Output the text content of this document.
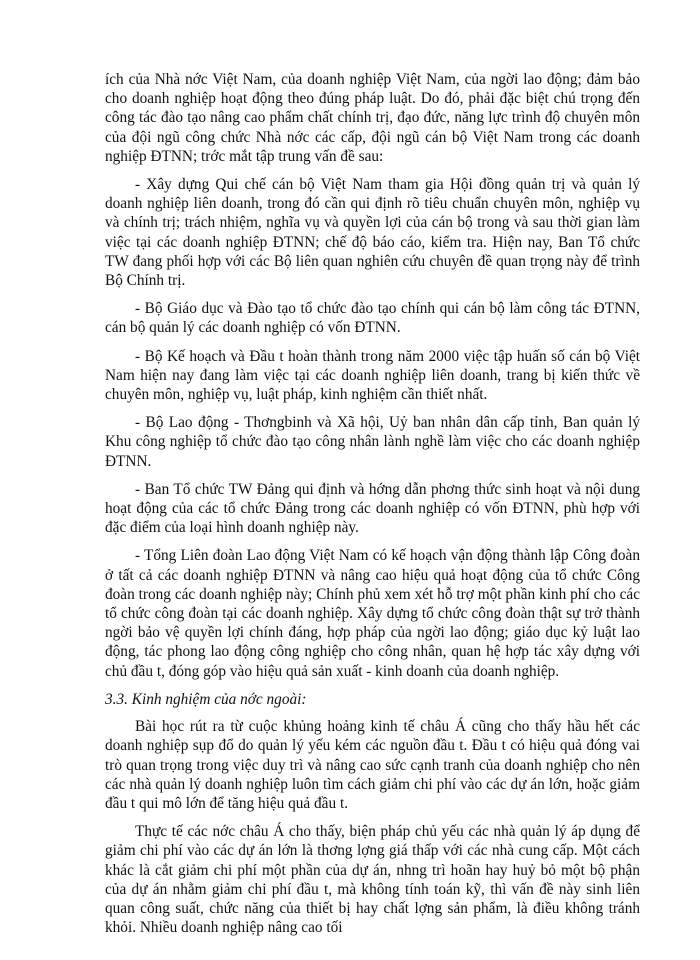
ích của Nhà nớc Việt Nam, của doanh nghiệp Việt Nam, của ngời lao động; đảm bảo cho doanh nghiệp hoạt động theo đúng pháp luật. Do đó, phải đặc biệt chú trọng đến công tác đào tạo nâng cao phẩm chất chính trị, đạo đức, năng lực trình độ chuyên môn của đội ngũ công chức Nhà nớc các cấp, đội ngũ cán bộ Việt Nam trong các doanh nghiệp ĐTNN; trớc mắt tập trung vấn đề sau:

- Xây dựng Qui chế cán bộ Việt Nam tham gia Hội đồng quản trị và quản lý doanh nghiệp liên doanh, trong đó cần qui định rõ tiêu chuẩn chuyên môn, nghiệp vụ và chính trị; trách nhiệm, nghĩa vụ và quyền lợi của cán bộ trong và sau thời gian làm việc tại các doanh nghiệp ĐTNN; chế độ báo cáo, kiểm tra. Hiện nay, Ban Tổ chức TW đang phối hợp với các Bộ liên quan nghiên cứu chuyên đề quan trọng này để trình Bộ Chính trị.

- Bộ Giáo dục và Đào tạo tổ chức đào tạo chính qui cán bộ làm công tác ĐTNN, cán bộ quản lý các doanh nghiệp có vốn ĐTNN.

- Bộ Kế hoạch và Đầu t hoàn thành trong năm 2000 việc tập huấn số cán bộ Việt Nam hiện nay đang làm việc tại các doanh nghiệp liên doanh, trang bị kiến thức về chuyên môn, nghiệp vụ, luật pháp, kinh nghiệm cần thiết nhất.

- Bộ Lao động - Thơngbinh và Xã hội, Uỷ ban nhân dân cấp tỉnh, Ban quản lý Khu công nghiệp tổ chức đào tạo công nhân lành nghề làm việc cho các doanh nghiệp ĐTNN.

- Ban Tổ chức TW Đảng qui định và hớng dẫn phơng thức sinh hoạt và nội dung hoạt động của các tổ chức Đảng trong các doanh nghiệp có vốn ĐTNN, phù hợp với đặc điểm của loại hình doanh nghiệp này.

- Tổng Liên đoàn Lao động Việt Nam có kế hoạch vận động thành lập Công đoàn ở tất cả các doanh nghiệp ĐTNN và nâng cao hiệu quả hoạt động của tổ chức Công đoàn trong các doanh nghiệp này; Chính phủ xem xét hỗ trợ một phần kinh phí cho các tổ chức công đoàn tại các doanh nghiệp. Xây dựng tổ chức công đoàn thật sự trở thành ngời bảo vệ quyền lợi chính đáng, hợp pháp của ngời lao động; giáo dục kỷ luật lao động, tác phong lao động công nghiệp cho công nhân, quan hệ hợp tác xây dựng với chủ đầu t, đóng góp vào hiệu quả sản xuất - kinh doanh của doanh nghiệp.

3.3. Kinh nghiệm của nớc ngoài:

Bài học rút ra từ cuộc khủng hoảng kinh tế châu Á cũng cho thấy hầu hết các doanh nghiệp sụp đổ do quản lý yếu kém các nguồn đầu t. Đầu t có hiệu quả đóng vai trò quan trọng trong việc duy trì và nâng cao sức cạnh tranh của doanh nghiệp cho nên các nhà quản lý doanh nghiệp luôn tìm cách giảm chi phí vào các dự án lớn, hoặc giảm đầu t qui mô lớn để tăng hiệu quả đầu t.

Thực tế các nớc châu Á cho thấy, biện pháp chủ yếu các nhà quản lý áp dụng để giảm chi phí vào các dự án lớn là thơng lợng giá thấp với các nhà cung cấp. Một cách khác là cắt giảm chi phí một phần của dự án, nhng trì hoãn hay huỷ bỏ một bộ phận của dự án nhằm giảm chi phí đầu t, mà không tính toán kỹ, thì vấn đề này sinh liên quan công suất, chức năng của thiết bị hay chất lợng sản phẩm, là điều không tránh khỏi. Nhiều doanh nghiệp nâng cao tối
